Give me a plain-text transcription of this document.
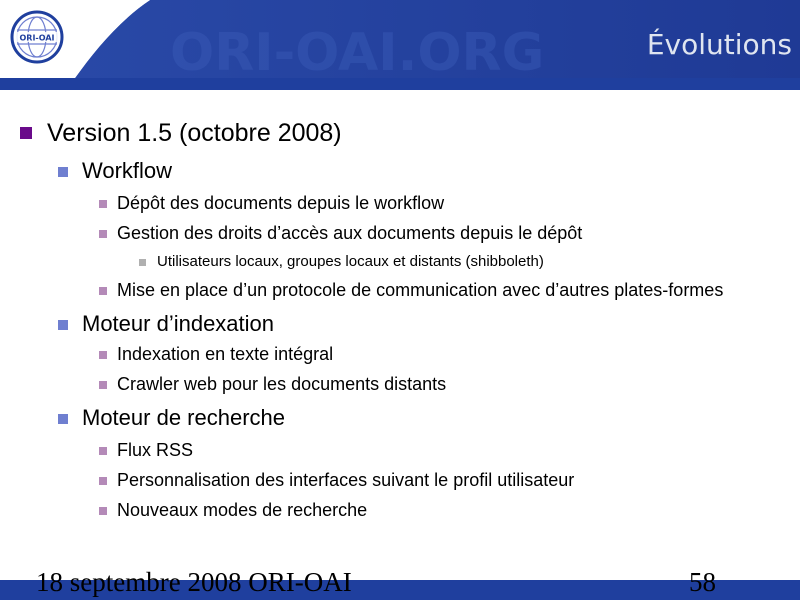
ORI-OAI.ORG
ORI-OAI	Évolutions
Version 1.5 (octobre 2008)
Workflow
Dépôt des documents depuis le workflow
Gestion des droits d’accès aux documents depuis le dépôt
Utilisateurs locaux, groupes locaux et distants (shibboleth)
Mise en place d’un protocole de communication avec d’autres plates-formes
Moteur d’indexation
Indexation en texte intégral
Crawler web pour les documents distants
Moteur de recherche
Flux RSS
Personnalisation des interfaces suivant le profil utilisateur
Nouveaux modes de recherche
18 septembre 2008 ORI-OAI	58
